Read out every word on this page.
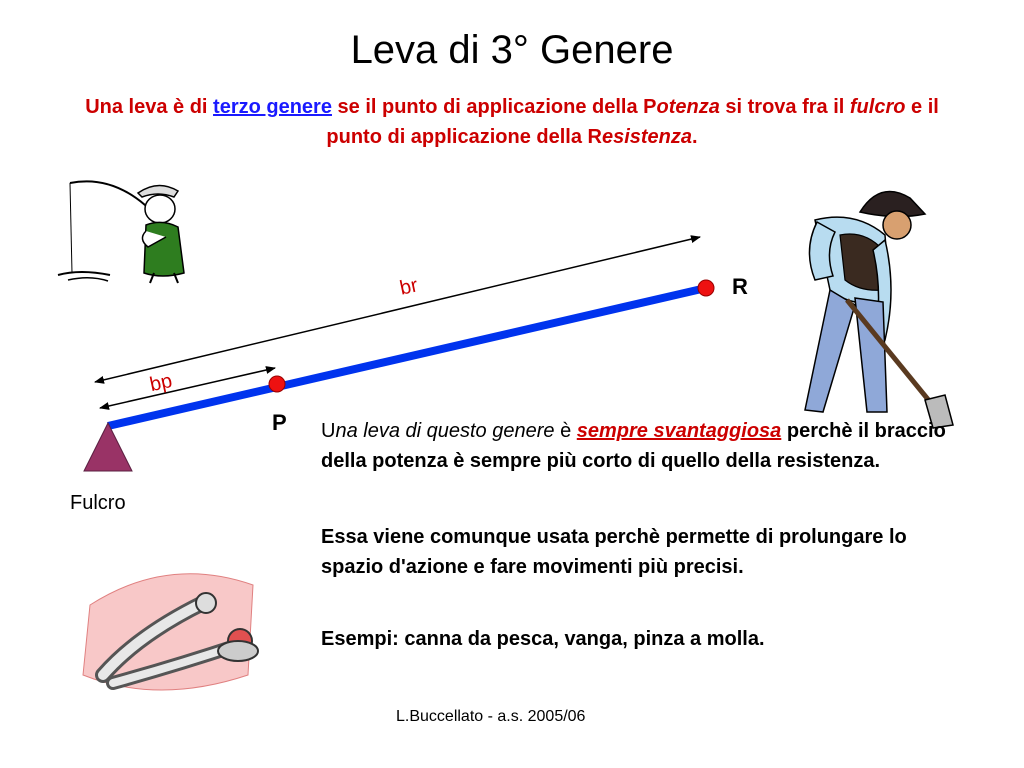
Leva di 3° Genere
Una leva è di terzo genere se il punto di applicazione della Potenza si trova fra il fulcro e il punto di applicazione della Resistenza.
br
bp
R
P
Fulcro
Una leva di questo genere è sempre svantaggiosa perchè il braccio della potenza è sempre più corto di quello della resistenza.
Essa viene comunque usata perchè permette di prolungare lo spazio d'azione e fare movimenti più precisi.
Esempi: canna da pesca, vanga, pinza a molla.
L.Buccellato - a.s. 2005/06
